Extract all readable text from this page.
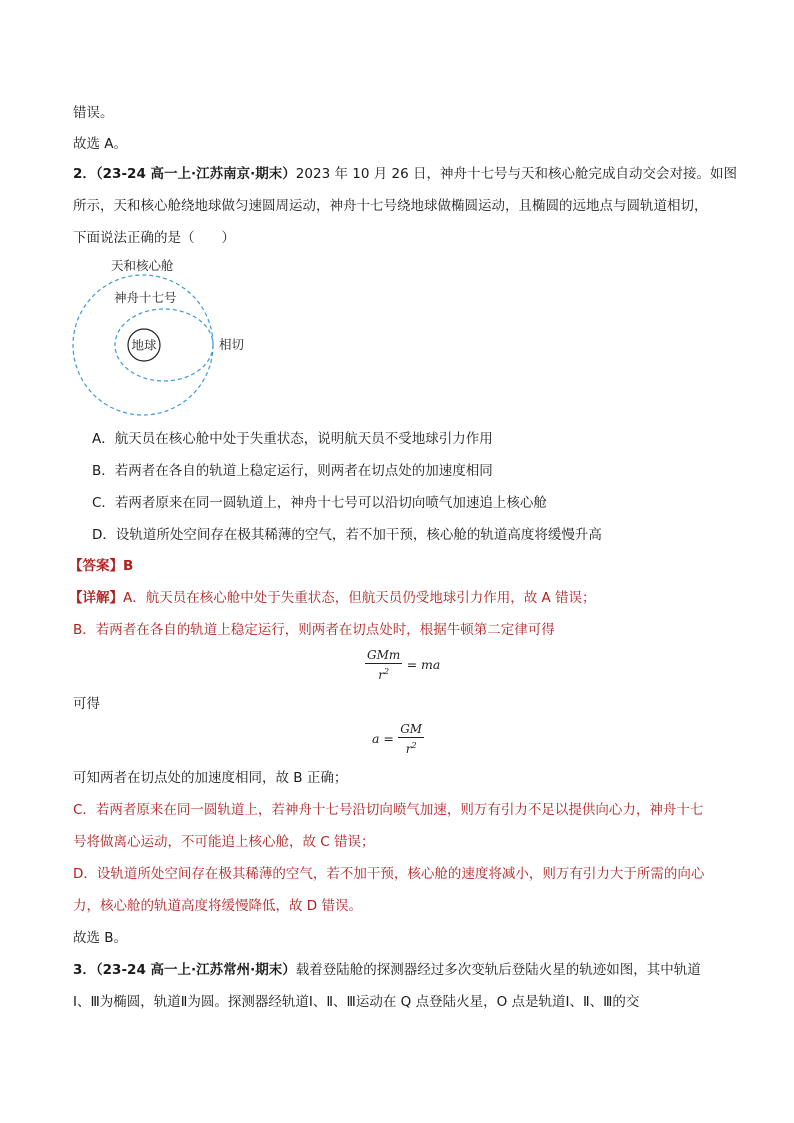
错误。
故选 A。
2．（23-24 高一上·江苏南京·期末）2023 年 10 月 26 日，神舟十七号与天和核心舱完成自动交会对接。如图
所示，天和核心舱绕地球做匀速圆周运动，神舟十七号绕地球做椭圆运动，且椭圆的远地点与圆轨道相切，
下面说法正确的是（　　）
地球
天和核心舱
神舟十七号
相切
A．航天员在核心舱中处于失重状态，说明航天员不受地球引力作用
B．若两者在各自的轨道上稳定运行，则两者在切点处的加速度相同
C．若两者原来在同一圆轨道上，神舟十七号可以沿切向喷气加速追上核心舱
D．设轨道所处空间存在极其稀薄的空气，若不加干预，核心舱的轨道高度将缓慢升高
【答案】B
【详解】A．航天员在核心舱中处于失重状态，但航天员仍受地球引力作用，故 A 错误；
B．若两者在各自的轨道上稳定运行，则两者在切点处时，根据牛顿第二定律可得
$\frac{\text{GMm}}{r^2}$ = ma
可得
$a = \frac{GM}{r^2}$
可知两者在切点处的加速度相同，故 B 正确；
C．若两者原来在同一圆轨道上，若神舟十七号沿切向喷气加速，则万有引力不足以提供向心力，神舟十七
号将做离心运动，不可能追上核心舱，故 C 错误；
D．设轨道所处空间存在极其稀薄的空气，若不加干预，核心舱的速度将减小，则万有引力大于所需的向心
力，核心舱的轨道高度将缓慢降低，故 D 错误。
故选 B。
3．（23-24 高一上·江苏常州·期末）载着登陆舱的探测器经过多次变轨后登陆火星的轨迹如图，其中轨道
Ⅰ、Ⅲ为椭圆，轨道Ⅱ为圆。探测器经轨道Ⅰ、Ⅱ、Ⅲ运动在 Q 点登陆火星，O 点是轨道Ⅰ、Ⅱ、Ⅲ的交
